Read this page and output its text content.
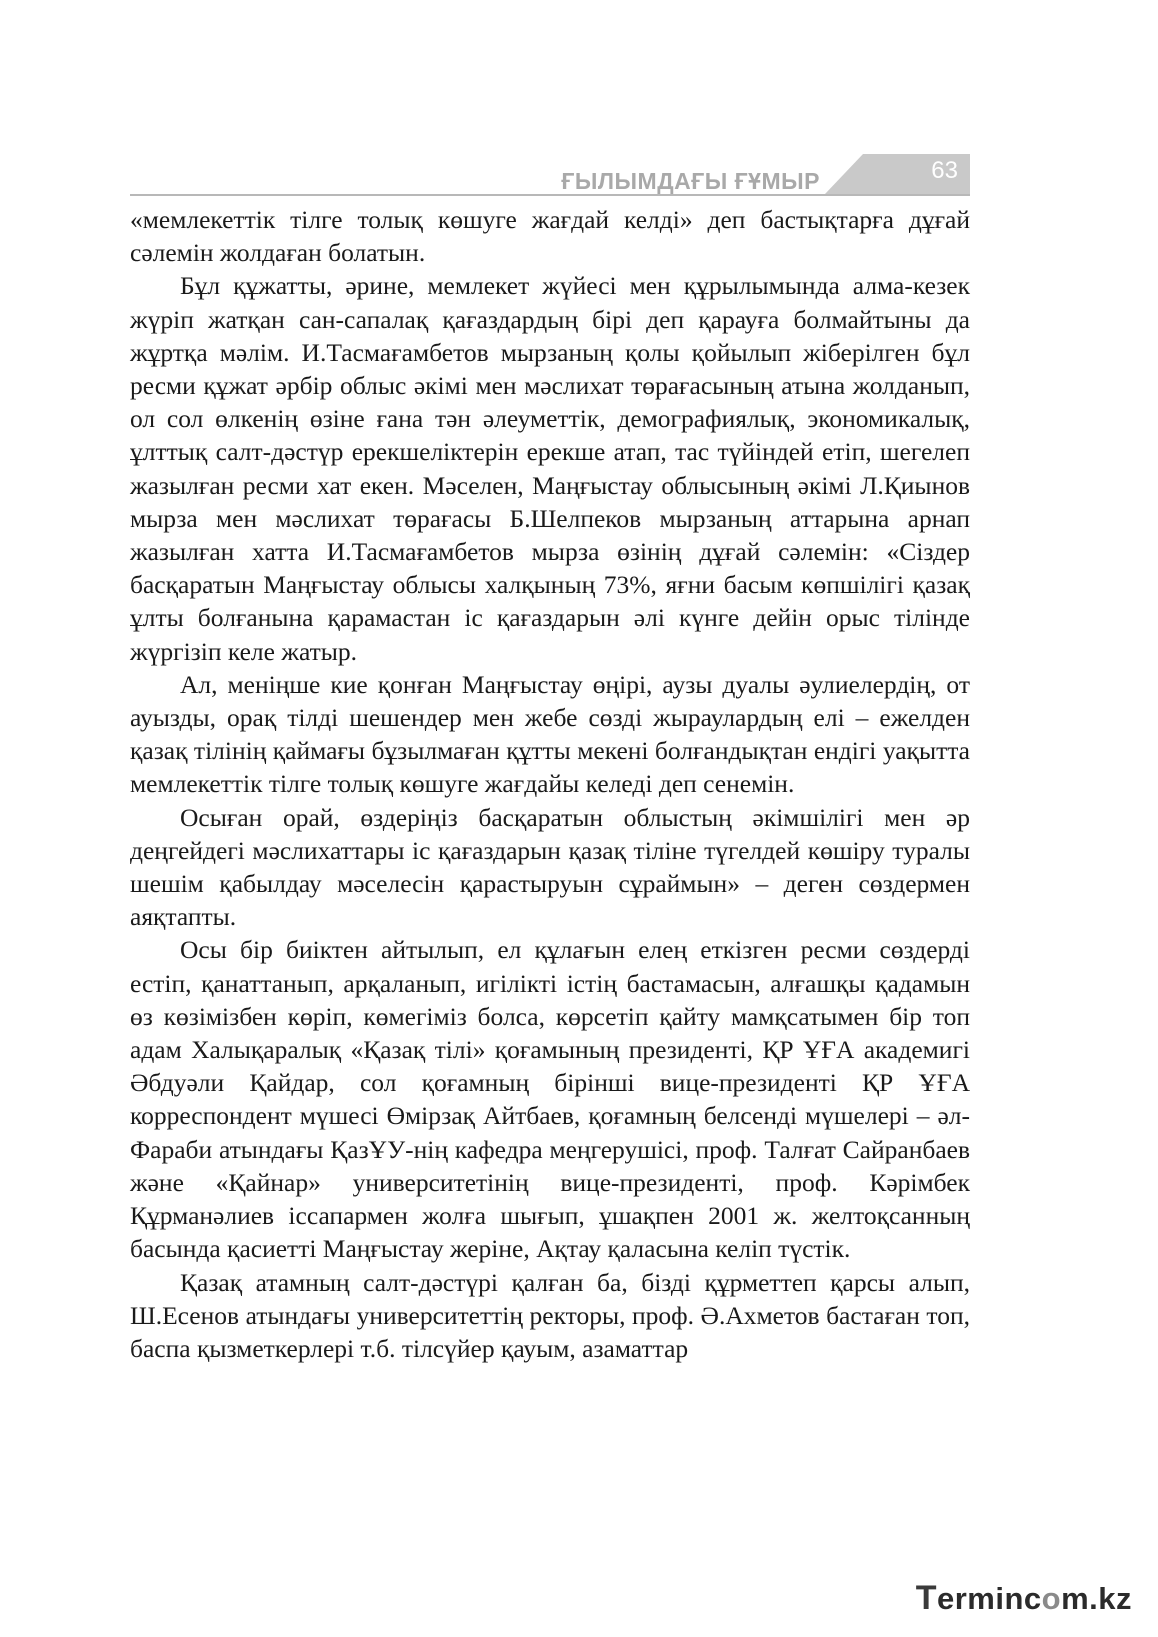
ҒЫЛЫМДАҒЫ ҒҰМЫР	63

«мемлекеттік тілге толық көшуге жағдай келді» деп бастықтарға дұғай сәлемін жолдаған болатын.

Бұл құжатты, әрине, мемлекет жүйесі мен құрылымында алма-кезек жүріп жатқан сан-сапалақ қағаздардың бірі деп қарауға болмайтыны да жұртқа мәлім. И.Тасмағамбетов мырзаның қолы қойылып жіберілген бұл ресми құжат әрбір облыс әкімі мен мәслихат төрағасының атына жолданып, ол сол өлкенің өзіне ғана тән әлеуметтік, демографиялық, экономикалық, ұлттық салт-дәстүр ерекшеліктерін ерекше атап, тас түйіндей етіп, шегелеп жазылған ресми хат екен. Мәселен, Маңғыстау облысының әкімі Л.Қиынов мырза мен мәслихат төрағасы Б.Шелпеков мырзаның аттарына арнап жазылған хатта И.Тасмағамбетов мырза өзінің дұғай сәлемін: «Сіздер басқаратын Маңғыстау облысы халқының 73%, яғни басым көпшілігі қазақ ұлты болғанына қарамастан іс қағаздарын әлі күнге дейін орыс тілінде жүргізіп келе жатыр.

Ал, меніңше кие қонған Маңғыстау өңірі, аузы дуалы әулиелердің, от ауызды, орақ тілді шешендер мен жебе сөзді жыраулардың елі – ежелден қазақ тілінің қаймағы бұзылмаған құтты мекені болғандықтан ендігі уақытта мемлекеттік тілге толық көшуге жағдайы келеді деп сенемін.

Осыған орай, өздеріңіз басқаратын облыстың әкімшілігі мен әр деңгейдегі мәслихаттары іс қағаздарын қазақ тіліне түгелдей көшіру туралы шешім қабылдау мәселесін қарастыруын сұраймын» – деген сөздермен аяқтапты.

Осы бір биіктен айтылып, ел құлағын елең еткізген ресми сөздерді естіп, қанаттанып, арқаланып, игілікті істің бастамасын, алғашқы қадамын өз көзімізбен көріп, көмегіміз болса, көрсетіп қайту мамқсатымен бір топ адам Халықаралық «Қазақ тілі» қоғамының президенті, ҚР ҰҒА академигі Әбдуәли Қайдар, сол қоғамның бірінші вице-президенті ҚР ҰҒА корреспондент мүшесі Өмірзақ Айтбаев, қоғамның белсенді мүшелері – әл-Фараби атындағы ҚазҰУ-нің кафедра меңгерушісі, проф. Талғат Сайранбаев және «Қайнар» университетінің вице-президенті, проф. Кәрімбек Құрманәлиев іссапармен жолға шығып, ұшақпен 2001 ж. желтоқсанның басында қасиетті Маңғыстау жеріне, Ақтау қаласына келіп түстік.

Қазақ атамның салт-дәстүрі қалған ба, бізді құрметтеп қарсы алып, Ш.Есенов атындағы университеттің ректоры, проф. Ә.Ахметов бастаған топ, баспа қызметкерлері т.б. тілсүйер қауым, азаматтар

Termincom.kz
